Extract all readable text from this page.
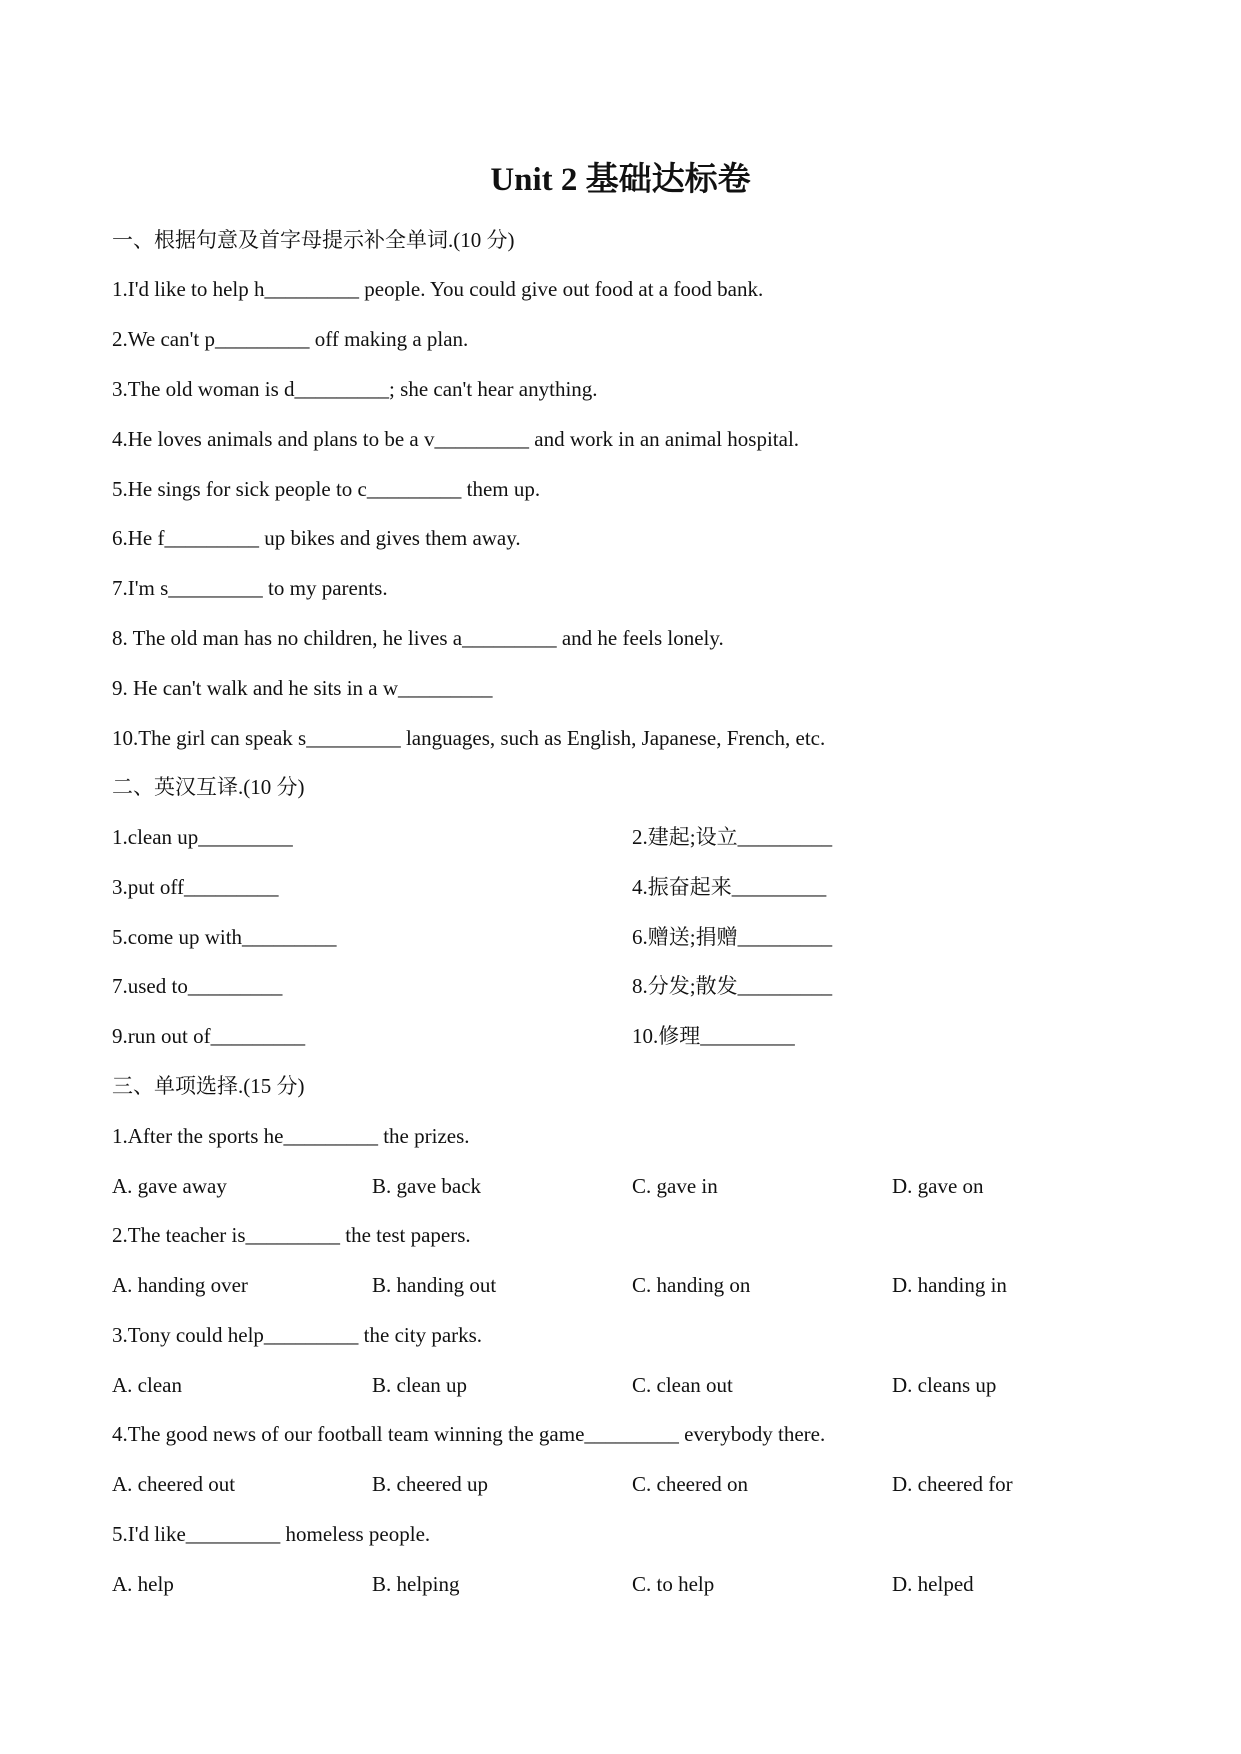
Unit 2 基础达标卷
一、根据句意及首字母提示补全单词.(10 分)
1.I'd like to help h_________ people. You could give out food at a food bank.
2.We can't p_________ off making a plan.
3.The old woman is d_________; she can't hear anything.
4.He loves animals and plans to be a v_________ and work in an animal hospital.
5.He sings for sick people to c_________ them up.
6.He f_________ up bikes and gives them away.
7.I'm s_________ to my parents.
8. The old man has no children, he lives a_________ and he feels lonely.
9. He can't walk and he sits in a w_________
10.The girl can speak s_________ languages, such as English, Japanese, French, etc.
二、英汉互译.(10 分)
1.clean up_________	2.建起;设立_________
3.put off_________	4.振奋起来_________
5.come up with_________	6.赠送;捐赠_________
7.used to_________	8.分发;散发_________
9.run out of_________	10.修理_________
三、单项选择.(15 分)
1.After the sports he_________ the prizes.
A. gave away	B. gave back	C. gave in	D. gave on
2.The teacher is_________ the test papers.
A. handing over	B. handing out	C. handing on	D. handing in
3.Tony could help_________ the city parks.
A. clean	B. clean up	C. clean out	D. cleans up
4.The good news of our football team winning the game_________ everybody there.
A. cheered out	B. cheered up	C. cheered on	D. cheered for
5.I'd like_________ homeless people.
A. help	B. helping	C. to help	D. helped
